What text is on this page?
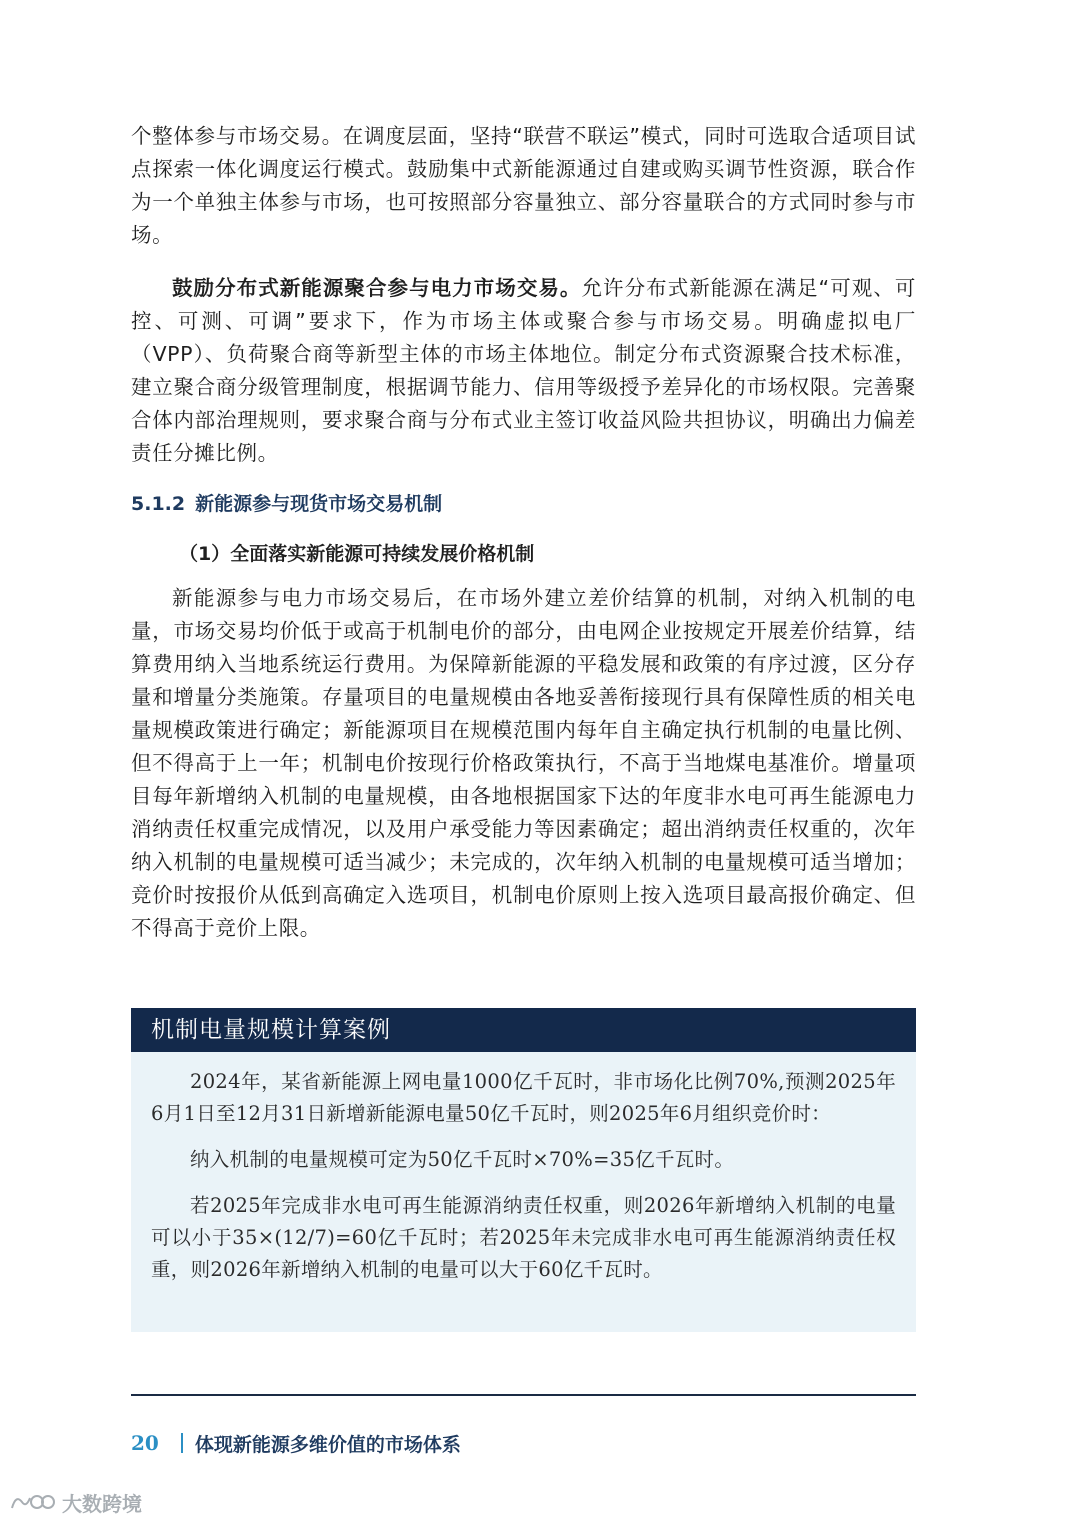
个整体参与市场交易。在调度层面，坚持“联营不联运”模式，同时可选取合适项目试点探索一体化调度运行模式。鼓励集中式新能源通过自建或购买调节性资源，联合作为一个单独主体参与市场，也可按照部分容量独立、部分容量联合的方式同时参与市场。

鼓励分布式新能源聚合参与电力市场交易。允许分布式新能源在满足“可观、可控、可测、可调”要求下，作为市场主体或聚合参与市场交易。明确虚拟电厂（VPP）、负荷聚合商等新型主体的市场主体地位。制定分布式资源聚合技术标准，建立聚合商分级管理制度，根据调节能力、信用等级授予差异化的市场权限。完善聚合体内部治理规则，要求聚合商与分布式业主签订收益风险共担协议，明确出力偏差责任分摊比例。

5.1.2 新能源参与现货市场交易机制
（1）全面落实新能源可持续发展价格机制

新能源参与电力市场交易后，在市场外建立差价结算的机制，对纳入机制的电量，市场交易均价低于或高于机制电价的部分，由电网企业按规定开展差价结算，结算费用纳入当地系统运行费用。为保障新能源的平稳发展和政策的有序过渡，区分存量和增量分类施策。存量项目的电量规模由各地妥善衔接现行具有保障性质的相关电量规模政策进行确定；新能源项目在规模范围内每年自主确定执行机制的电量比例、但不得高于上一年；机制电价按现行价格政策执行，不高于当地煤电基准价。增量项目每年新增纳入机制的电量规模，由各地根据国家下达的年度非水电可再生能源电力消纳责任权重完成情况，以及用户承受能力等因素确定；超出消纳责任权重的，次年纳入机制的电量规模可适当减少；未完成的，次年纳入机制的电量规模可适当增加；竞价时按报价从低到高确定入选项目，机制电价原则上按入选项目最高报价确定、但不得高于竞价上限。

机制电量规模计算案例

2024年，某省新能源上网电量1000亿千瓦时，非市场化比例70%,预测2025年6月1日至12月31日新增新能源电量50亿千瓦时，则2025年6月组织竞价时：

纳入机制的电量规模可定为50亿千瓦时×70%=35亿千瓦时。

若2025年完成非水电可再生能源消纳责任权重，则2026年新增纳入机制的电量可以小于35×(12/7)=60亿千瓦时；若2025年未完成非水电可再生能源消纳责任权重，则2026年新增纳入机制的电量可以大于60亿千瓦时。

20 体现新能源多维价值的市场体系
大数跨境
